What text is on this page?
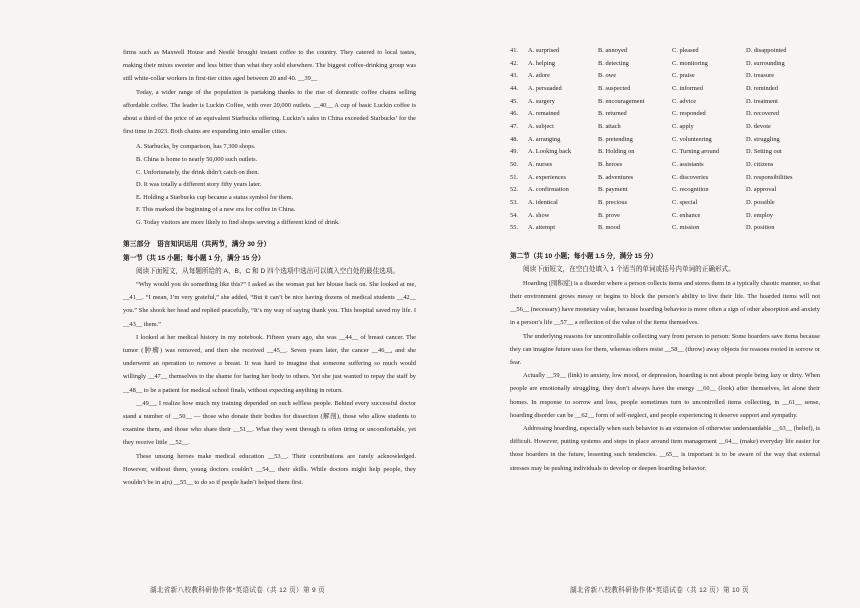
firms such as Maxwell House and Nestlé brought instant coffee to the country. They catered to local tastes, making their mixes sweeter and less bitter than what they sold elsewhere. The biggest coffee-drinking group was still white-collar workers in first-tier cities aged between 20 and 40. __39__

Today, a wider range of the population is partaking thanks to the rise of domestic coffee chains selling affordable coffee. The leader is Luckin Coffee, with over 20,000 outlets. __40__ A cup of basic Luckin coffee is about a third of the price of an equivalent Starbucks offering. Luckin’s sales in China exceeded Starbucks’ for the first time in 2023. Both chains are expanding into smaller cities.

A. Starbucks, by comparison, has 7,300 shops.
B. China is home to nearly 50,000 such outlets.
C. Unfortunately, the drink didn’t catch on then.
D. It was totally a different story fifty years later.
E. Holding a Starbucks cup became a status symbol for them.
F. This marked the beginning of a new era for coffee in China.
G. Today visitors are more likely to find shops serving a different kind of drink.
第三部分　语言知识运用（共两节，满分 30 分）
第一节（共 15 小题；每小题 1 分，满分 15 分）
阅读下面短文，从每题所给的 A、B、C 和 D 四个选项中选出可以填入空白处的最佳选项。

“Why would you do something like this?” I asked as the woman put her blouse back on. She looked at me, __41__. “I mean, I’m very grateful,” she added, “But it can’t be nice having dozens of medical students __42__ you.” She shook her head and replied peacefully, “It’s my way of saying thank you. This hospital saved my life. I __43__ them.”

I looked at her medical history in my notebook. Fifteen years ago, she was __44__ of breast cancer. The tumor (肿瘤) was removed, and then she received __45__. Seven years later, the cancer __46__, and she underwent an operation to remove a breast. It was hard to imagine that someone suffering so much would willingly __47__ themselves to the shame for baring her body to others. Yet she just wanted to repay the staff by __48__ to be a patient for medical school finals, without expecting anything in return.

__49__, I realize how much my training depended on such selfless people. Behind every successful doctor stand a number of __50__ — those who donate their bodies for dissection (解剖), those who allow students to examine them, and those who share their __51__. What they went through is often tiring or uncomfortable, yet they receive little __52__.

These unsung heroes make medical education __53__. Their contributions are rarely acknowledged. However, without them, young doctors couldn’t __54__ their skills. While doctors might help people, they wouldn’t be in a(n) __55__ to do so if people hadn’t helped them first.

湖北省新八校教科研协作体*英语试卷（共 12 页）第 9 页
41.	A. surprised	B. annoyed	C. pleased	D. disappointed
42.	A. helping	B. detecting	C. monitoring	D. surrounding
43.	A. adore	B. owe	C. praise	D. treasure
44.	A. persuaded	B. suspected	C. informed	D. reminded
45.	A. surgery	B. encouragement	C. advice	D. treatment
46.	A. remained	B. returned	C. responded	D. recovered
47.	A. subject	B. attach	C. apply	D. devote
48.	A. arranging	B. pretending	C. volunteering	D. struggling
49.	A. Looking back	B. Holding on	C. Turning around	D. Setting out
50.	A. nurses	B. heroes	C. assistants	D. citizens
51.	A. experiences	B. adventures	C. discoveries	D. responsibilities
52.	A. confirmation	B. payment	C. recognition	D. approval
53.	A. identical	B. precious	C. special	D. possible
54.	A. show	B. prove	C. enhance	D. employ
55.	A. attempt	B. mood	C. mission	D. position
第二节（共 10 小题；每小题 1.5 分，满分 15 分）
阅读下面短文，在空白处填入 1 个适当的单词或括号内单词的正确形式。

Hoarding (囤积症) is a disorder where a person collects items and stores them in a typically chaotic manner, so that their environment grows messy or begins to block the person’s ability to live their life. The hoarded items will not __56__ (necessary) have monetary value, because hoarding behavior is more often a sign of other absorption and anxiety in a person’s life __57__ a reflection of the value of the items themselves.

The underlying reasons for uncontrollable collecting vary from person to person: Some hoarders save items because they can imagine future uses for them, whereas others resist __58__ (throw) away objects for reasons rooted in sorrow or fear.

Actually __59__ (link) to anxiety, low mood, or depression, hoarding is not about people being lazy or dirty. When people are emotionally struggling, they don’t always have the energy __60__ (look) after themselves, let alone their homes. In response to sorrow and loss, people sometimes turn to uncontrolled items collecting, in __61__ sense, hoarding disorder can be __62__ form of self-neglect, and people experiencing it deserve support and sympathy.

Addressing hoarding, especially when such behavior is an extension of otherwise understandable __63__ (belief), is difficult. However, putting systems and steps in place around item management __64__ (make) everyday life easier for those hoarders in the future, lessening such tendencies. __65__ is important is to be aware of the way that external stresses may be pushing individuals to develop or deepen hoarding behavior.

湖北省新八校教科研协作体*英语试卷（共 12 页）第 10 页
